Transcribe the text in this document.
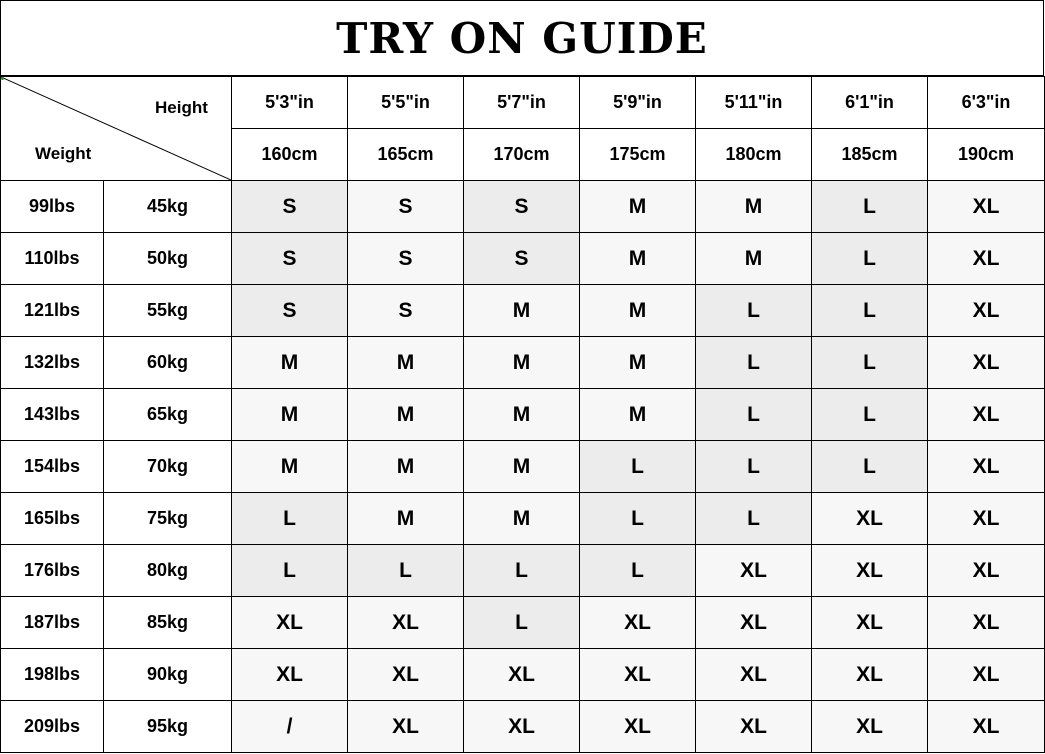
TRY ON GUIDE
Height
Weight		5'3"in	5'5"in	5'7"in	5'9"in	5'11"in	6'1"in	6'3"in
		160cm	165cm	170cm	175cm	180cm	185cm	190cm
99lbs	45kg	S	S	S	M	M	L	XL
110lbs	50kg	S	S	S	M	M	L	XL
121lbs	55kg	S	S	M	M	L	L	XL
132lbs	60kg	M	M	M	M	L	L	XL
143lbs	65kg	M	M	M	M	L	L	XL
154lbs	70kg	M	M	M	L	L	L	XL
165lbs	75kg	L	M	M	L	L	XL	XL
176lbs	80kg	L	L	L	L	XL	XL	XL
187lbs	85kg	XL	XL	L	XL	XL	XL	XL
198lbs	90kg	XL	XL	XL	XL	XL	XL	XL
209lbs	95kg	/	XL	XL	XL	XL	XL	XL
